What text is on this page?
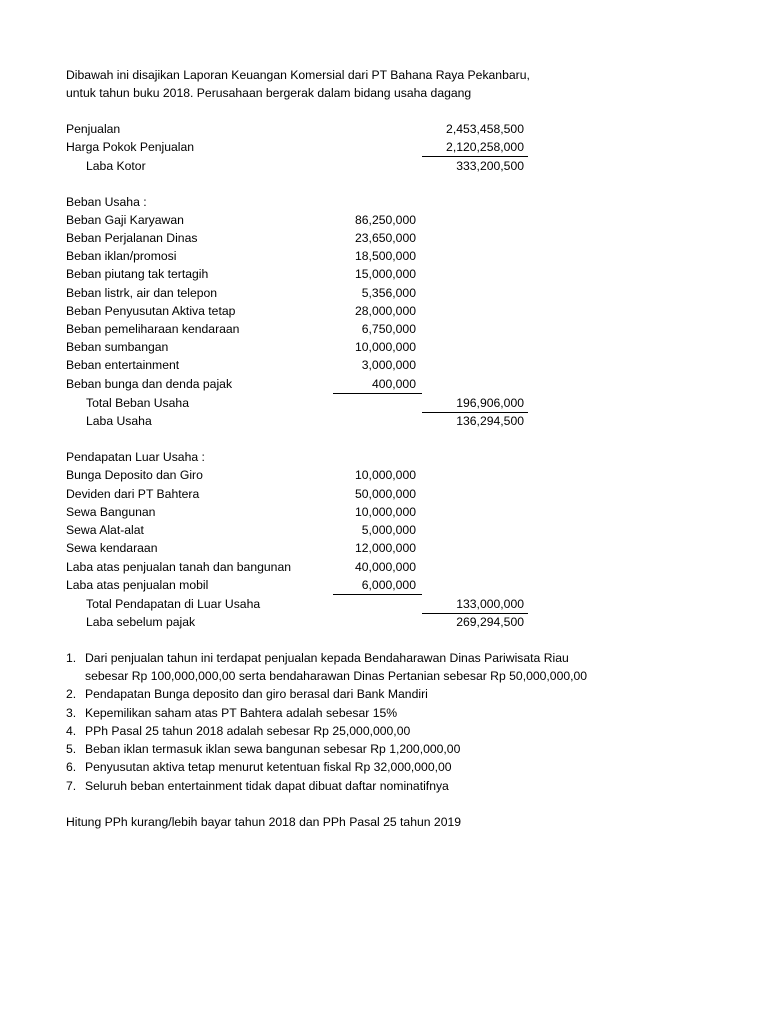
Dibawah ini disajikan Laporan Keuangan Komersial dari PT Bahana Raya Pekanbaru,
untuk tahun buku 2018. Perusahaan bergerak dalam bidang usaha dagang
Penjualan	2,453,458,500
Harga Pokok Penjualan	2,120,258,000
Laba Kotor	333,200,500
Beban Usaha :
Beban Gaji Karyawan	86,250,000
Beban Perjalanan Dinas	23,650,000
Beban iklan/promosi	18,500,000
Beban piutang tak tertagih	15,000,000
Beban listrk, air dan telepon	5,356,000
Beban Penyusutan Aktiva tetap	28,000,000
Beban pemeliharaan kendaraan	6,750,000
Beban sumbangan	10,000,000
Beban entertainment	3,000,000
Beban bunga dan denda pajak	400,000
Total Beban Usaha	196,906,000
Laba Usaha	136,294,500
Pendapatan Luar Usaha :
Bunga Deposito dan Giro	10,000,000
Deviden dari PT Bahtera	50,000,000
Sewa Bangunan	10,000,000
Sewa Alat-alat	5,000,000
Sewa kendaraan	12,000,000
Laba atas penjualan tanah dan bangunan	40,000,000
Laba atas penjualan mobil	6,000,000
Total Pendapatan di Luar Usaha	133,000,000
Laba sebelum pajak	269,294,500
1. Dari penjualan tahun ini terdapat penjualan kepada Bendaharawan Dinas Pariwisata Riau
sebesar Rp 100,000,000,00 serta bendaharawan Dinas Pertanian sebesar Rp 50,000,000,00
2. Pendapatan Bunga deposito dan giro berasal dari Bank Mandiri
3. Kepemilikan saham atas PT Bahtera adalah sebesar 15%
4. PPh Pasal 25 tahun 2018 adalah sebesar Rp 25,000,000,00
5. Beban iklan termasuk iklan sewa bangunan sebesar Rp 1,200,000,00
6. Penyusutan aktiva tetap menurut ketentuan fiskal Rp 32,000,000,00
7. Seluruh beban entertainment tidak dapat dibuat daftar nominatifnya
Hitung PPh kurang/lebih bayar tahun 2018 dan PPh Pasal 25 tahun 2019
